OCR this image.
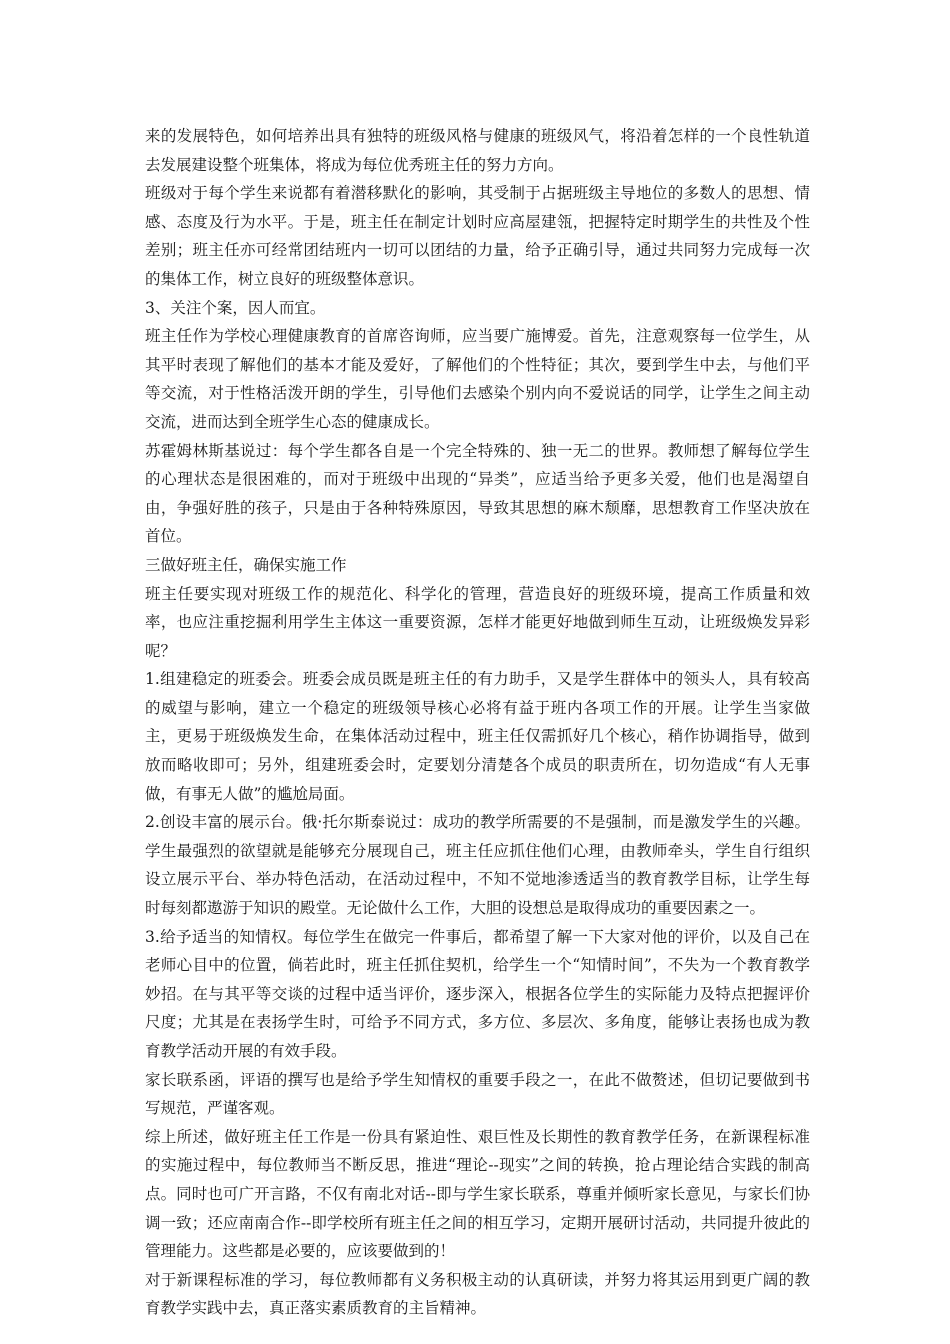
来的发展特色，如何培养出具有独特的班级风格与健康的班级风气，将沿着怎样的一个良性轨道去发展建设整个班集体，将成为每位优秀班主任的努力方向。

班级对于每个学生来说都有着潜移默化的影响，其受制于占据班级主导地位的多数人的思想、情感、态度及行为水平。于是，班主任在制定计划时应高屋建瓴，把握特定时期学生的共性及个性差别；班主任亦可经常团结班内一切可以团结的力量，给予正确引导，通过共同努力完成每一次的集体工作，树立良好的班级整体意识。

3、关注个案，因人而宜。

班主任作为学校心理健康教育的首席咨询师，应当要广施博爱。首先，注意观察每一位学生，从其平时表现了解他们的基本才能及爱好，了解他们的个性特征；其次，要到学生中去，与他们平等交流，对于性格活泼开朗的学生，引导他们去感染个别内向不爱说话的同学，让学生之间主动交流，进而达到全班学生心态的健康成长。

苏霍姆林斯基说过：每个学生都各自是一个完全特殊的、独一无二的世界。教师想了解每位学生的心理状态是很困难的，而对于班级中出现的“异类”，应适当给予更多关爱，他们也是渴望自由，争强好胜的孩子，只是由于各种特殊原因，导致其思想的麻木颓靡，思想教育工作坚决放在首位。

三做好班主任，确保实施工作

班主任要实现对班级工作的规范化、科学化的管理，营造良好的班级环境，提高工作质量和效率，也应注重挖掘利用学生主体这一重要资源，怎样才能更好地做到师生互动，让班级焕发异彩呢？

1.组建稳定的班委会。班委会成员既是班主任的有力助手，又是学生群体中的领头人，具有较高的威望与影响，建立一个稳定的班级领导核心必将有益于班内各项工作的开展。让学生当家做主，更易于班级焕发生命，在集体活动过程中，班主任仅需抓好几个核心，稍作协调指导，做到放而略收即可；另外，组建班委会时，定要划分清楚各个成员的职责所在，切勿造成“有人无事做，有事无人做”的尴尬局面。

2.创设丰富的展示台。俄·托尔斯泰说过：成功的教学所需要的不是强制，而是激发学生的兴趣。学生最强烈的欲望就是能够充分展现自己，班主任应抓住他们心理，由教师牵头，学生自行组织设立展示平台、举办特色活动，在活动过程中，不知不觉地渗透适当的教育教学目标，让学生每时每刻都遨游于知识的殿堂。无论做什么工作，大胆的设想总是取得成功的重要因素之一。

3.给予适当的知情权。每位学生在做完一件事后，都希望了解一下大家对他的评价，以及自己在老师心目中的位置，倘若此时，班主任抓住契机，给学生一个“知情时间”，不失为一个教育教学妙招。在与其平等交谈的过程中适当评价，逐步深入，根据各位学生的实际能力及特点把握评价尺度；尤其是在表扬学生时，可给予不同方式，多方位、多层次、多角度，能够让表扬也成为教育教学活动开展的有效手段。

家长联系函，评语的撰写也是给予学生知情权的重要手段之一，在此不做赘述，但切记要做到书写规范，严谨客观。

综上所述，做好班主任工作是一份具有紧迫性、艰巨性及长期性的教育教学任务，在新课程标准的实施过程中，每位教师当不断反思，推进“理论--现实”之间的转换，抢占理论结合实践的制高点。同时也可广开言路，不仅有南北对话--即与学生家长联系，尊重并倾听家长意见，与家长们协调一致；还应南南合作--即学校所有班主任之间的相互学习，定期开展研讨活动，共同提升彼此的管理能力。这些都是必要的，应该要做到的！

对于新课程标准的学习，每位教师都有义务积极主动的认真研读，并努力将其运用到更广阔的教育教学实践中去，真正落实素质教育的主旨精神。
